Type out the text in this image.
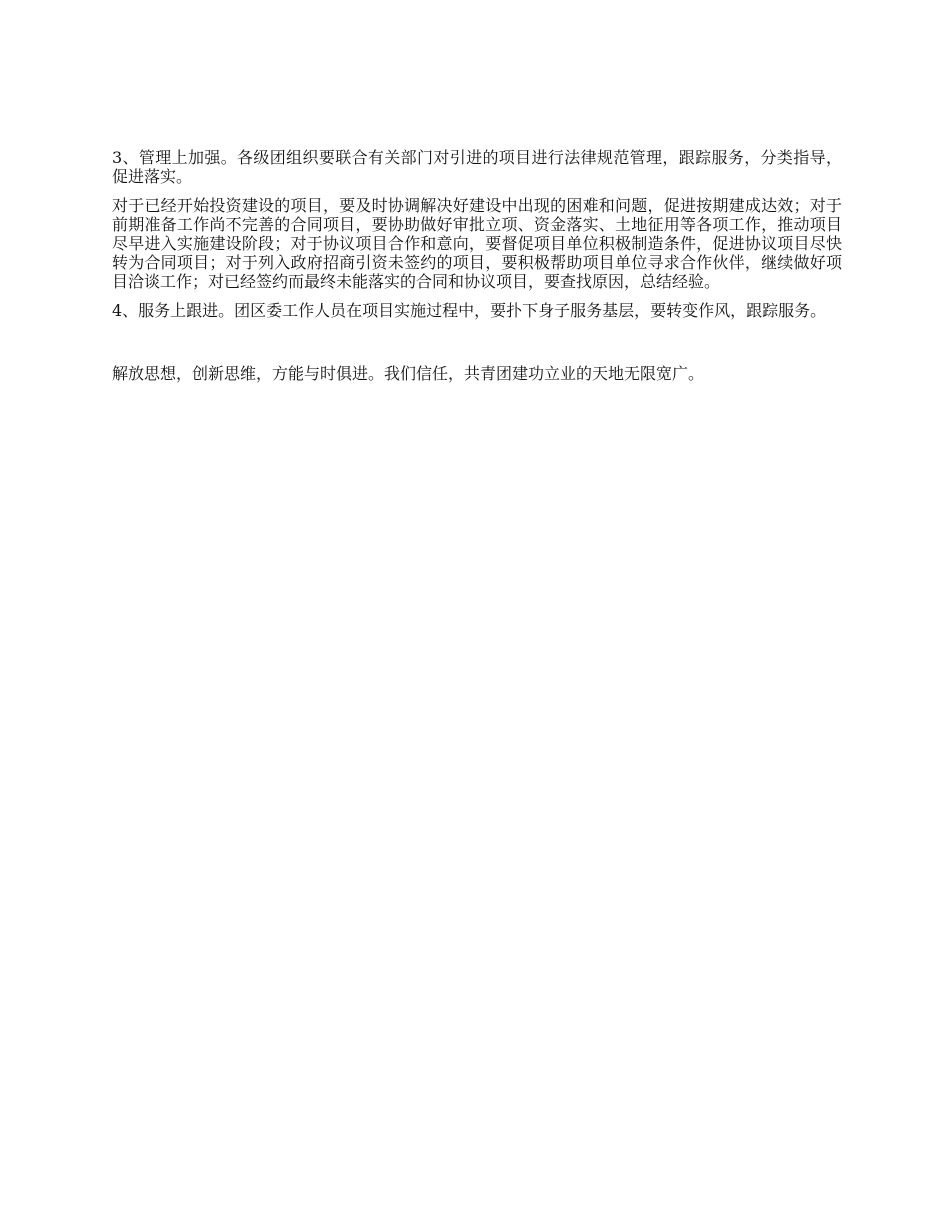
3、管理上加强。各级团组织要联合有关部门对引进的项目进行法律规范管理，跟踪服务，分类指导，促进落实。

对于已经开始投资建设的项目，要及时协调解决好建设中出现的困难和问题，促进按期建成达效；对于前期准备工作尚不完善的合同项目，要协助做好审批立项、资金落实、土地征用等各项工作，推动项目尽早进入实施建设阶段；对于协议项目合作和意向，要督促项目单位积极制造条件，促进协议项目尽快转为合同项目；对于列入政府招商引资未签约的项目，要积极帮助项目单位寻求合作伙伴，继续做好项目洽谈工作；对已经签约而最终未能落实的合同和协议项目，要查找原因，总结经验。

4、服务上跟进。团区委工作人员在项目实施过程中，要扑下身子服务基层，要转变作风，跟踪服务。

解放思想，创新思维，方能与时俱进。我们信任，共青团建功立业的天地无限宽广。
